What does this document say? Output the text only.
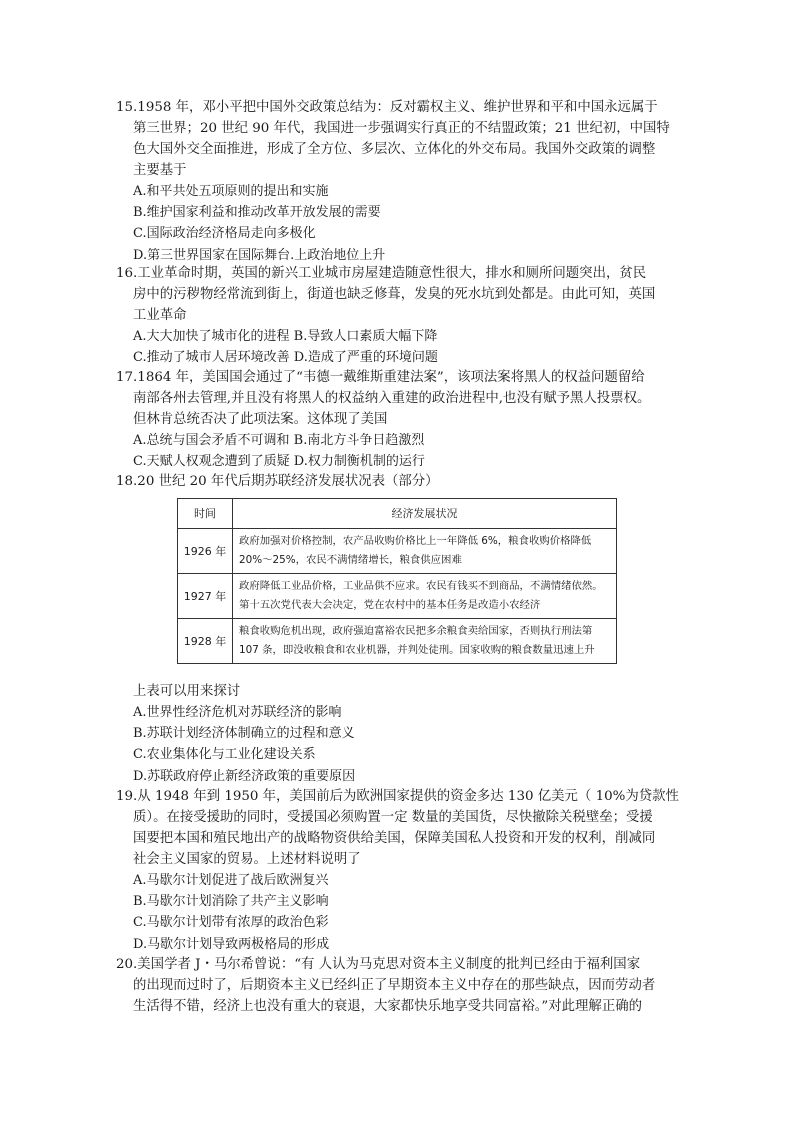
15.1958 年，邓小平把中国外交政策总结为：反对霸权主义、维护世界和平和中国永远属于
第三世界；20 世纪 90 年代，我国进一步强调实行真正的不结盟政策；21 世纪初，中国特
色大国外交全面推进，形成了全方位、多层次、立体化的外交布局。我国外交政策的调整
主要基于
A.和平共处五项原则的提出和实施
B.维护国家利益和推动改革开放发展的需要
C.国际政治经济格局走向多极化
D.第三世界国家在国际舞台.上政治地位上升
16.工业革命时期，英国的新兴工业城市房屋建造随意性很大，排水和厕所问题突出，贫民
房中的污秽物经常流到街上，街道也缺乏修葺，发臭的死水坑到处都是。由此可知，英国
工业革命
A.大大加快了城市化的进程 B.导致人口素质大幅下降
C.推动了城市人居环境改善 D.造成了严重的环境问题
17.1864 年，美国国会通过了“韦德一戴维斯重建法案”，该项法案将黑人的权益问题留给
南部各州去管理,并且没有将黑人的权益纳入重建的政治进程中,也没有赋予黑人投票权。
但林肯总统否决了此项法案。这体现了美国
A.总统与国会矛盾不可调和 B.南北方斗争日趋激烈
C.天赋人权观念遭到了质疑 D.权力制衡机制的运行
18.20 世纪 20 年代后期苏联经济发展状况表（部分）
时间	经济发展状况
1926 年	政府加强对价格控制，农产品收购价格比上一年降低 6%，粮食收购价格降低 20%～25%，农民不满情绪增长，粮食供应困难
1927 年	政府降低工业品价格，工业品供不应求。农民有钱买不到商品，不满情绪依然。第十五次党代表大会决定，党在农村中的基本任务是改造小农经济
1928 年	粮食收购危机出现，政府强迫富裕农民把多余粮食卖给国家，否则执行刑法第 107 条，即没收粮食和农业机器，并判处徒刑。国家收购的粮食数量迅速上升
上表可以用来探讨
A.世界性经济危机对苏联经济的影响
B.苏联计划经济体制确立的过程和意义
C.农业集体化与工业化建设关系
D.苏联政府停止新经济政策的重要原因
19.从 1948 年到 1950 年，美国前后为欧洲国家提供的资金多达 130 亿美元（ 10%为贷款性
质）。在接受援助的同时，受援国必须购置一定 数量的美国货，尽快撤除关税壁垒；受援
国要把本国和殖民地出产的战略物资供给美国，保障美国私人投资和开发的权利，削减同
社会主义国家的贸易。上述材料说明了
A.马歇尔计划促进了战后欧洲复兴
B.马歇尔计划消除了共产主义影响
C.马歇尔计划带有浓厚的政治色彩
D.马歇尔计划导致两极格局的形成
20.美国学者 J・马尔希曾说：“有 人认为马克思对资本主义制度的批判已经由于福利国家
的出现而过时了，后期资本主义已经纠正了早期资本主义中存在的那些缺点，因而劳动者
生活得不错，经济上也没有重大的衰退，大家都快乐地享受共同富裕。”对此理解正确的
